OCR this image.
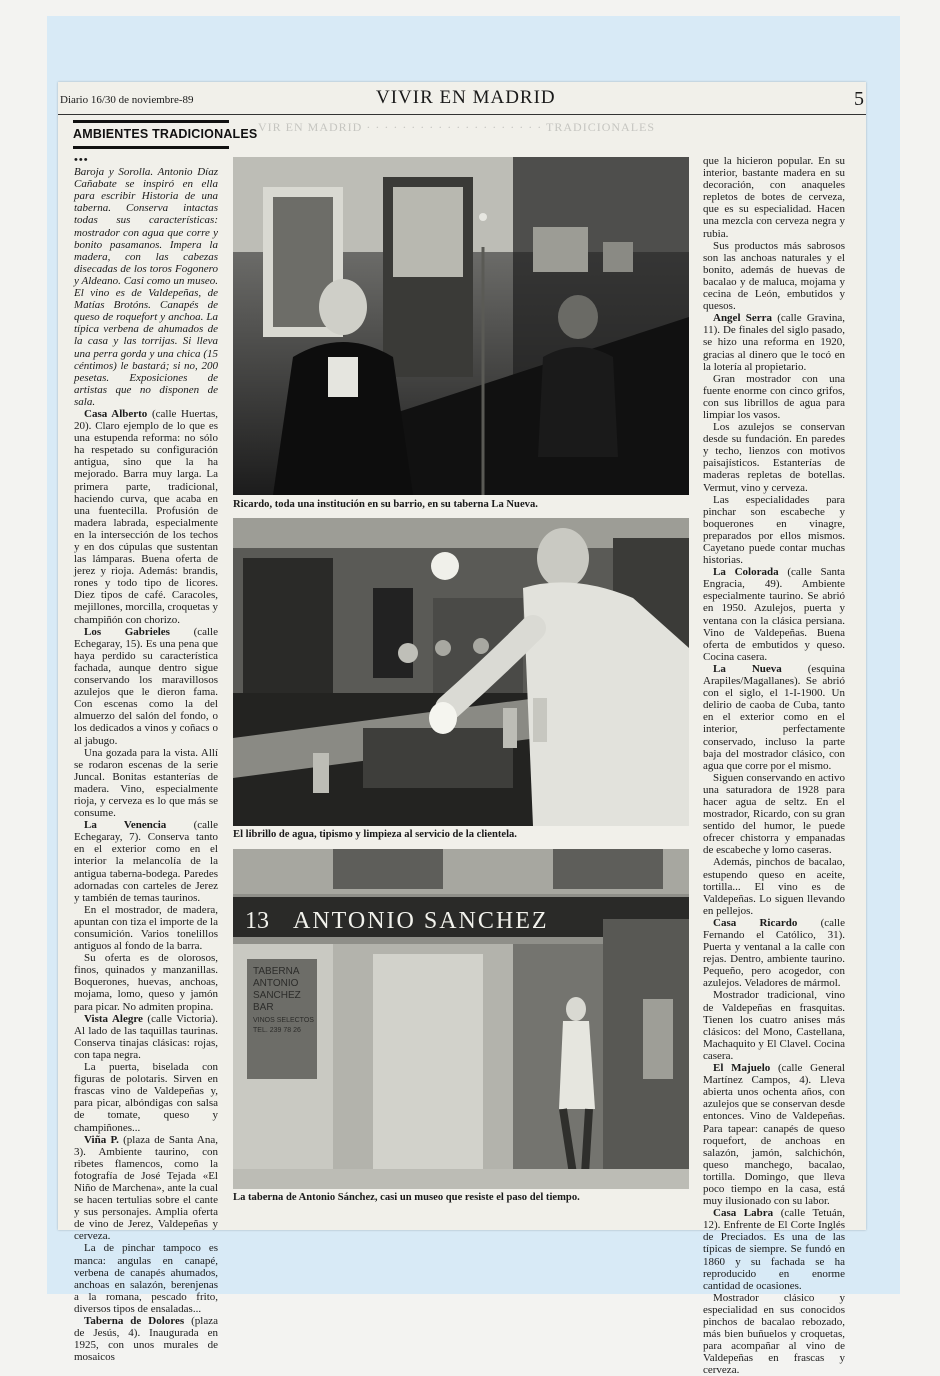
Diario 16/30 de noviembre-89	VIVIR EN MADRID	5
VIR EN MADRID · · · · · · · · · · · · · · · · · · · · TRADICIONALES
AMBIENTES TRADICIONALES

•••

Baroja y Sorolla. Antonio Díaz Cañabate se inspiró en ella para escribir Historia de una taberna. Conserva intactas todas sus características: mostrador con agua que corre y bonito pasamanos. Impera la madera, con las cabezas disecadas de los toros Fogonero y Aldeano. Casi como un museo. El vino es de Valdepeñas, de Matías Brotóns. Canapés de queso de roquefort y anchoa. La típica verbena de ahumados de la casa y las torrijas. Si lleva una perra gorda y una chica (15 céntimos) le bastará; si no, 200 pesetas. Exposiciones de artistas que no disponen de sala.

Casa Alberto (calle Huertas, 20). Claro ejemplo de lo que es una estupenda reforma: no sólo ha respetado su configuración antigua, sino que la ha mejorado. Barra muy larga. La primera parte, tradicional, haciendo curva, que acaba en una fuentecilla. Profusión de madera labrada, especialmente en la intersección de los techos y en dos cúpulas que sustentan las lámparas. Buena oferta de jerez y rioja. Además: brandis, rones y todo tipo de licores. Diez tipos de café. Caracoles, mejillones, morcilla, croquetas y champiñón con chorizo.

Los Gabrieles (calle Echegaray, 15). Es una pena que haya perdido su característica fachada, aunque dentro sigue conservando los maravillosos azulejos que le dieron fama. Con escenas como la del almuerzo del salón del fondo, o los dedicados a vinos y coñacs o al jabugo.

Una gozada para la vista. Allí se rodaron escenas de la serie Juncal. Bonitas estanterías de madera. Vino, especialmente rioja, y cerveza es lo que más se consume.

La Venencia (calle Echegaray, 7). Conserva tanto en el exterior como en el interior la melancolía de la antigua taberna-bodega. Paredes adornadas con carteles de Jerez y también de temas taurinos.

En el mostrador, de madera, apuntan con tiza el importe de la consumición. Varios tonelillos antiguos al fondo de la barra.

Su oferta es de olorosos, finos, quinados y manzanillas. Boquerones, huevas, anchoas, mojama, lomo, queso y jamón para picar. No admiten propina.

Vista Alegre (calle Victoria). Al lado de las taquillas taurinas. Conserva tinajas clásicas: rojas, con tapa negra.

La puerta, biselada con figuras de polotaris. Sirven en frascas vino de Valdepeñas y, para picar, albóndigas con salsa de tomate, queso y champiñones...

Viña P. (plaza de Santa Ana, 3). Ambiente taurino, con ribetes flamencos, como la fotografía de José Tejada «El Niño de Marchena», ante la cual se hacen tertulias sobre el cante y sus personajes. Amplia oferta de vino de Jerez, Valdepeñas y cerveza.

La de pinchar tampoco es manca: angulas en canapé, verbena de canapés ahumados, anchoas en salazón, berenjenas a la romana, pescado frito, diversos tipos de ensaladas...

Taberna de Dolores (plaza de Jesús, 4). Inaugurada en 1925, con unos murales de mosaicos

Ricardo, toda una institución en su barrio, en su taberna La Nueva.
El librillo de agua, tipismo y limpieza al servicio de la clientela.
13 ANTONIO SANCHEZ
TABERNA
ANTONIO
SANCHEZ
BAR
VINOS SELECTOS
TEL. 239 78 26
La taberna de Antonio Sánchez, casi un museo que resiste el paso del tiempo.

que la hicieron popular. En su interior, bastante madera en su decoración, con anaqueles repletos de botes de cerveza, que es su especialidad. Hacen una mezcla con cerveza negra y rubia.

Sus productos más sabrosos son las anchoas naturales y el bonito, además de huevas de bacalao y de maluca, mojama y cecina de León, embutidos y quesos.

Angel Serra (calle Gravina, 11). De finales del siglo pasado, se hizo una reforma en 1920, gracias al dinero que le tocó en la lotería al propietario.

Gran mostrador con una fuente enorme con cinco grifos, con sus librillos de agua para limpiar los vasos.

Los azulejos se conservan desde su fundación. En paredes y techo, lienzos con motivos paisajísticos. Estanterías de maderas repletas de botellas. Vermut, vino y cerveza.

Las especialidades para pinchar son escabeche y boquerones en vinagre, preparados por ellos mismos. Cayetano puede contar muchas historias.

La Colorada (calle Santa Engracia, 49). Ambiente especialmente taurino. Se abrió en 1950. Azulejos, puerta y ventana con la clásica persiana. Vino de Valdepeñas. Buena oferta de embutidos y queso. Cocina casera.

La Nueva (esquina Arapiles/Magallanes). Se abrió con el siglo, el 1-I-1900. Un delirio de caoba de Cuba, tanto en el exterior como en el interior, perfectamente conservado, incluso la parte baja del mostrador clásico, con agua que corre por el mismo.

Siguen conservando en activo una saturadora de 1928 para hacer agua de seltz. En el mostrador, Ricardo, con su gran sentido del humor, le puede ofrecer chistorra y empanadas de escabeche y lomo caseras.

Además, pinchos de bacalao, estupendo queso en aceite, tortilla... El vino es de Valdepeñas. Lo siguen llevando en pellejos.

Casa Ricardo (calle Fernando el Católico, 31). Puerta y ventanal a la calle con rejas. Dentro, ambiente taurino. Pequeño, pero acogedor, con azulejos. Veladores de mármol.

Mostrador tradicional, vino de Valdepeñas en frasquitas. Tienen los cuatro anises más clásicos: del Mono, Castellana, Machaquito y El Clavel. Cocina casera.

El Majuelo (calle General Martínez Campos, 4). Lleva abierta unos ochenta años, con azulejos que se conservan desde entonces. Vino de Valdepeñas. Para tapear: canapés de queso roquefort, de anchoas en salazón, jamón, salchichón, queso manchego, bacalao, tortilla. Domingo, que lleva poco tiempo en la casa, está muy ilusionado con su labor.

Casa Labra (calle Tetuán, 12). Enfrente de El Corte Inglés de Preciados. Es una de las típicas de siempre. Se fundó en 1860 y su fachada se ha reproducido en enorme cantidad de ocasiones.

Mostrador clásico y especialidad en sus conocidos pinchos de bacalao rebozado, más bien buñuelos y croquetas, para acompañar al vino de Valdepeñas en frascas y cerveza.
